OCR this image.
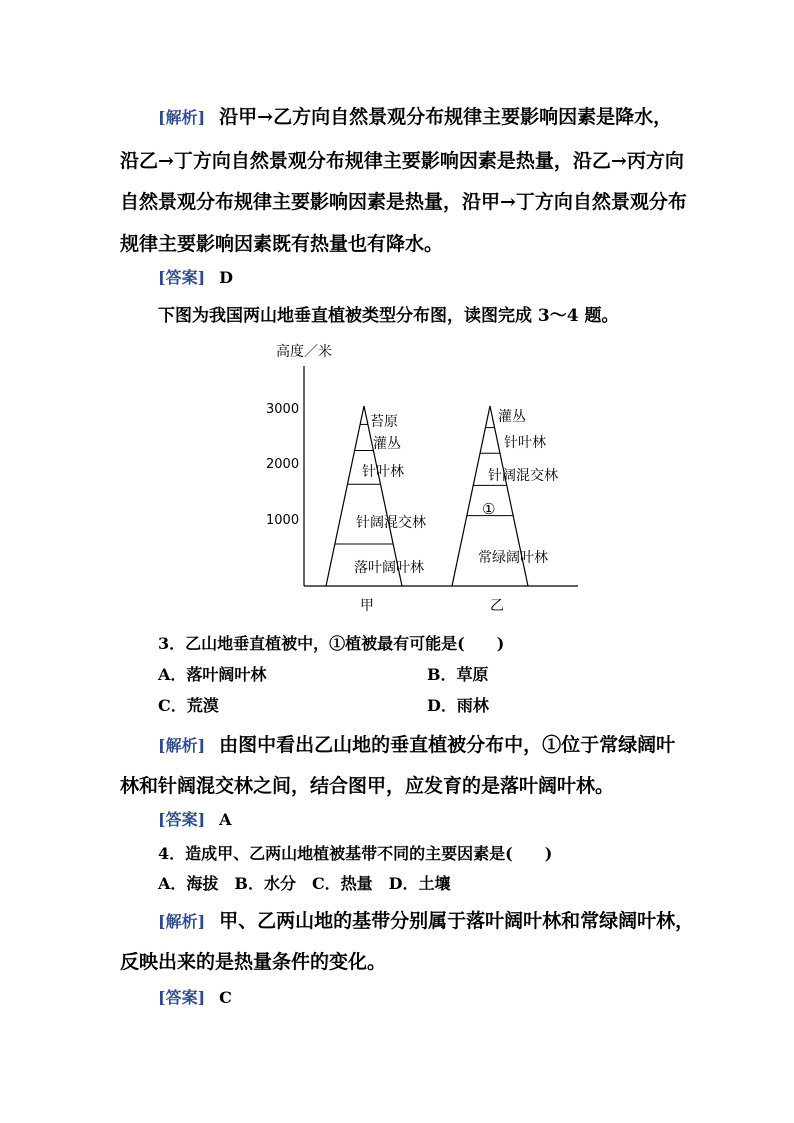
[解析] 沿甲→乙方向自然景观分布规律主要影响因素是降水，
沿乙→丁方向自然景观分布规律主要影响因素是热量，沿乙→丙方向
自然景观分布规律主要影响因素是热量，沿甲→丁方向自然景观分布
规律主要影响因素既有热量也有降水。
[答案] D
下图为我国两山地垂直植被类型分布图，读图完成 3～4 题。
高度／米
3000
2000
1000
苔原
灌丛
针叶林
针阔混交林
落叶阔叶林
甲
灌丛
针叶林
针阔混交林
①
常绿阔叶林
乙
3．乙山地垂直植被中，①植被最有可能是(　　)
A．落叶阔叶林	B．草原
C．荒漠	D．雨林
[解析] 由图中看出乙山地的垂直植被分布中，①位于常绿阔叶
林和针阔混交林之间，结合图甲，应发育的是落叶阔叶林。
[答案] A
4．造成甲、乙两山地植被基带不同的主要因素是(　　)
A．海拔　B．水分　C．热量　D．土壤
[解析] 甲、乙两山地的基带分别属于落叶阔叶林和常绿阔叶林，
反映出来的是热量条件的变化。
[答案] C
